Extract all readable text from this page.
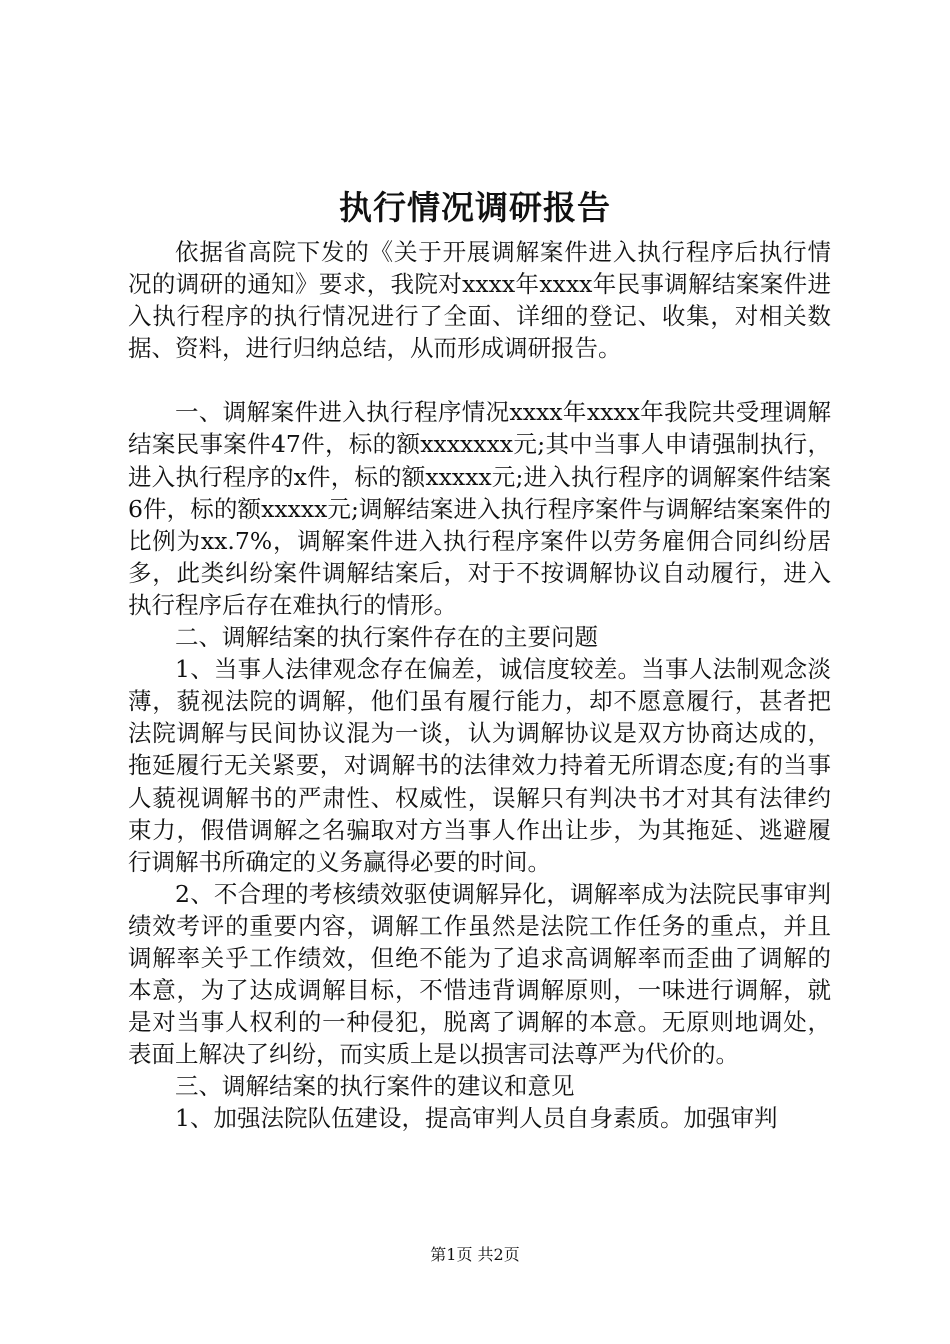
执行情况调研报告

依据省高院下发的《关于开展调解案件进入执行程序后执行情况的调研的通知》要求，我院对xxxx年xxxx年民事调解结案案件进入执行程序的执行情况进行了全面、详细的登记、收集，对相关数据、资料，进行归纳总结，从而形成调研报告。

一、调解案件进入执行程序情况xxxx年xxxx年我院共受理调解结案民事案件47件，标的额xxxxxxx元;其中当事人申请强制执行，进入执行程序的x件，标的额xxxxx元;进入执行程序的调解案件结案6件，标的额xxxxx元;调解结案进入执行程序案件与调解结案案件的比例为xx.7%，调解案件进入执行程序案件以劳务雇佣合同纠纷居多，此类纠纷案件调解结案后，对于不按调解协议自动履行，进入执行程序后存在难执行的情形。

二、调解结案的执行案件存在的主要问题

1、当事人法律观念存在偏差，诚信度较差。当事人法制观念淡薄，藐视法院的调解，他们虽有履行能力，却不愿意履行，甚者把法院调解与民间协议混为一谈，认为调解协议是双方协商达成的，拖延履行无关紧要，对调解书的法律效力持着无所谓态度;有的当事人藐视调解书的严肃性、权威性，误解只有判决书才对其有法律约束力，假借调解之名骗取对方当事人作出让步，为其拖延、逃避履行调解书所确定的义务赢得必要的时间。

2、不合理的考核绩效驱使调解异化，调解率成为法院民事审判绩效考评的重要内容，调解工作虽然是法院工作任务的重点，并且调解率关乎工作绩效，但绝不能为了追求高调解率而歪曲了调解的本意，为了达成调解目标，不惜违背调解原则，一味进行调解，就是对当事人权利的一种侵犯，脱离了调解的本意。无原则地调处，表面上解决了纠纷，而实质上是以损害司法尊严为代价的。

三、调解结案的执行案件的建议和意见

1、加强法院队伍建设，提高审判人员自身素质。加强审判

第1页 共2页
